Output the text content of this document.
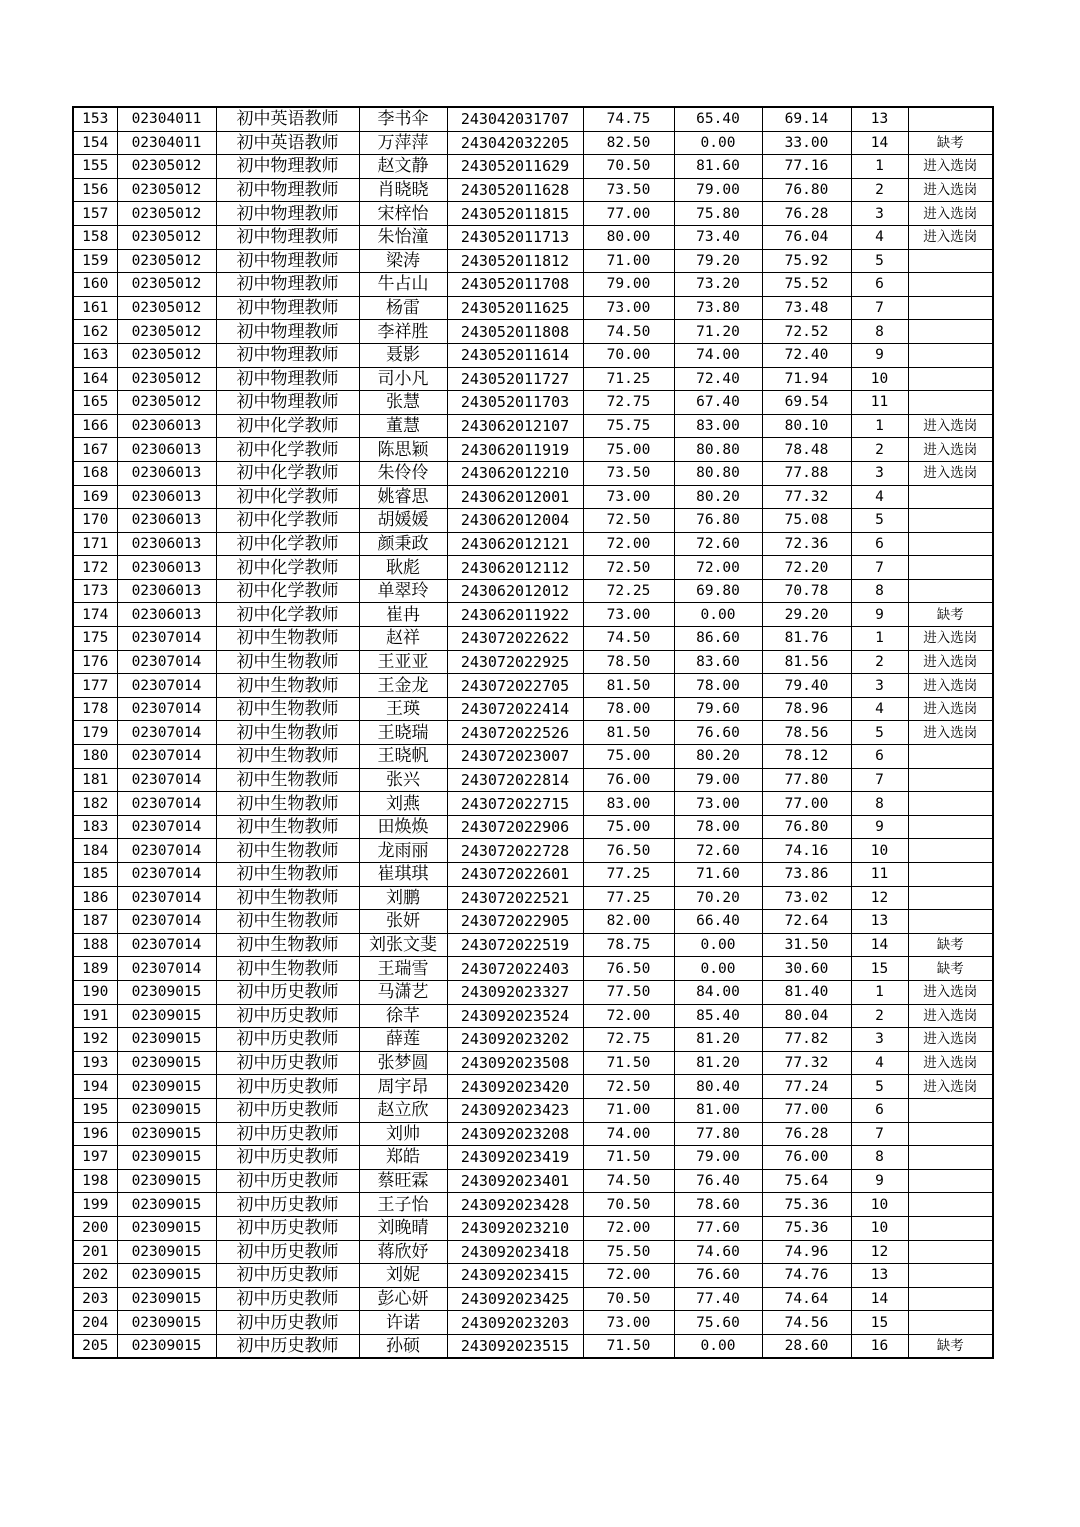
153	02304011	初中英语教师	李书伞	243042031707	74.75	65.40	69.14	13	
154	02304011	初中英语教师	万萍萍	243042032205	82.50	0.00	33.00	14	缺考
155	02305012	初中物理教师	赵文静	243052011629	70.50	81.60	77.16	1	进入选岗
156	02305012	初中物理教师	肖晓晓	243052011628	73.50	79.00	76.80	2	进入选岗
157	02305012	初中物理教师	宋梓怡	243052011815	77.00	75.80	76.28	3	进入选岗
158	02305012	初中物理教师	朱怡潼	243052011713	80.00	73.40	76.04	4	进入选岗
159	02305012	初中物理教师	梁涛	243052011812	71.00	79.20	75.92	5	
160	02305012	初中物理教师	牛占山	243052011708	79.00	73.20	75.52	6	
161	02305012	初中物理教师	杨雷	243052011625	73.00	73.80	73.48	7	
162	02305012	初中物理教师	李祥胜	243052011808	74.50	71.20	72.52	8	
163	02305012	初中物理教师	聂影	243052011614	70.00	74.00	72.40	9	
164	02305012	初中物理教师	司小凡	243052011727	71.25	72.40	71.94	10	
165	02305012	初中物理教师	张慧	243052011703	72.75	67.40	69.54	11	
166	02306013	初中化学教师	董慧	243062012107	75.75	83.00	80.10	1	进入选岗
167	02306013	初中化学教师	陈思颖	243062011919	75.00	80.80	78.48	2	进入选岗
168	02306013	初中化学教师	朱伶伶	243062012210	73.50	80.80	77.88	3	进入选岗
169	02306013	初中化学教师	姚睿思	243062012001	73.00	80.20	77.32	4	
170	02306013	初中化学教师	胡媛媛	243062012004	72.50	76.80	75.08	5	
171	02306013	初中化学教师	颜秉政	243062012121	72.00	72.60	72.36	6	
172	02306013	初中化学教师	耿彪	243062012112	72.50	72.00	72.20	7	
173	02306013	初中化学教师	单翠玲	243062012012	72.25	69.80	70.78	8	
174	02306013	初中化学教师	崔冉	243062011922	73.00	0.00	29.20	9	缺考
175	02307014	初中生物教师	赵祥	243072022622	74.50	86.60	81.76	1	进入选岗
176	02307014	初中生物教师	王亚亚	243072022925	78.50	83.60	81.56	2	进入选岗
177	02307014	初中生物教师	王金龙	243072022705	81.50	78.00	79.40	3	进入选岗
178	02307014	初中生物教师	王瑛	243072022414	78.00	79.60	78.96	4	进入选岗
179	02307014	初中生物教师	王晓瑞	243072022526	81.50	76.60	78.56	5	进入选岗
180	02307014	初中生物教师	王晓帆	243072023007	75.00	80.20	78.12	6	
181	02307014	初中生物教师	张兴	243072022814	76.00	79.00	77.80	7	
182	02307014	初中生物教师	刘燕	243072022715	83.00	73.00	77.00	8	
183	02307014	初中生物教师	田焕焕	243072022906	75.00	78.00	76.80	9	
184	02307014	初中生物教师	龙雨丽	243072022728	76.50	72.60	74.16	10	
185	02307014	初中生物教师	崔琪琪	243072022601	77.25	71.60	73.86	11	
186	02307014	初中生物教师	刘鹏	243072022521	77.25	70.20	73.02	12	
187	02307014	初中生物教师	张妍	243072022905	82.00	66.40	72.64	13	
188	02307014	初中生物教师	刘张文斐	243072022519	78.75	0.00	31.50	14	缺考
189	02307014	初中生物教师	王瑞雪	243072022403	76.50	0.00	30.60	15	缺考
190	02309015	初中历史教师	马潇艺	243092023327	77.50	84.00	81.40	1	进入选岗
191	02309015	初中历史教师	徐芊	243092023524	72.00	85.40	80.04	2	进入选岗
192	02309015	初中历史教师	薛莲	243092023202	72.75	81.20	77.82	3	进入选岗
193	02309015	初中历史教师	张梦圆	243092023508	71.50	81.20	77.32	4	进入选岗
194	02309015	初中历史教师	周宇昂	243092023420	72.50	80.40	77.24	5	进入选岗
195	02309015	初中历史教师	赵立欣	243092023423	71.00	81.00	77.00	6	
196	02309015	初中历史教师	刘帅	243092023208	74.00	77.80	76.28	7	
197	02309015	初中历史教师	郑皓	243092023419	71.50	79.00	76.00	8	
198	02309015	初中历史教师	蔡旺霖	243092023401	74.50	76.40	75.64	9	
199	02309015	初中历史教师	王子怡	243092023428	70.50	78.60	75.36	10	
200	02309015	初中历史教师	刘晚晴	243092023210	72.00	77.60	75.36	10	
201	02309015	初中历史教师	蒋欣妤	243092023418	75.50	74.60	74.96	12	
202	02309015	初中历史教师	刘妮	243092023415	72.00	76.60	74.76	13	
203	02309015	初中历史教师	彭心妍	243092023425	70.50	77.40	74.64	14	
204	02309015	初中历史教师	许诺	243092023203	73.00	75.60	74.56	15	
205	02309015	初中历史教师	孙硕	243092023515	71.50	0.00	28.60	16	缺考
